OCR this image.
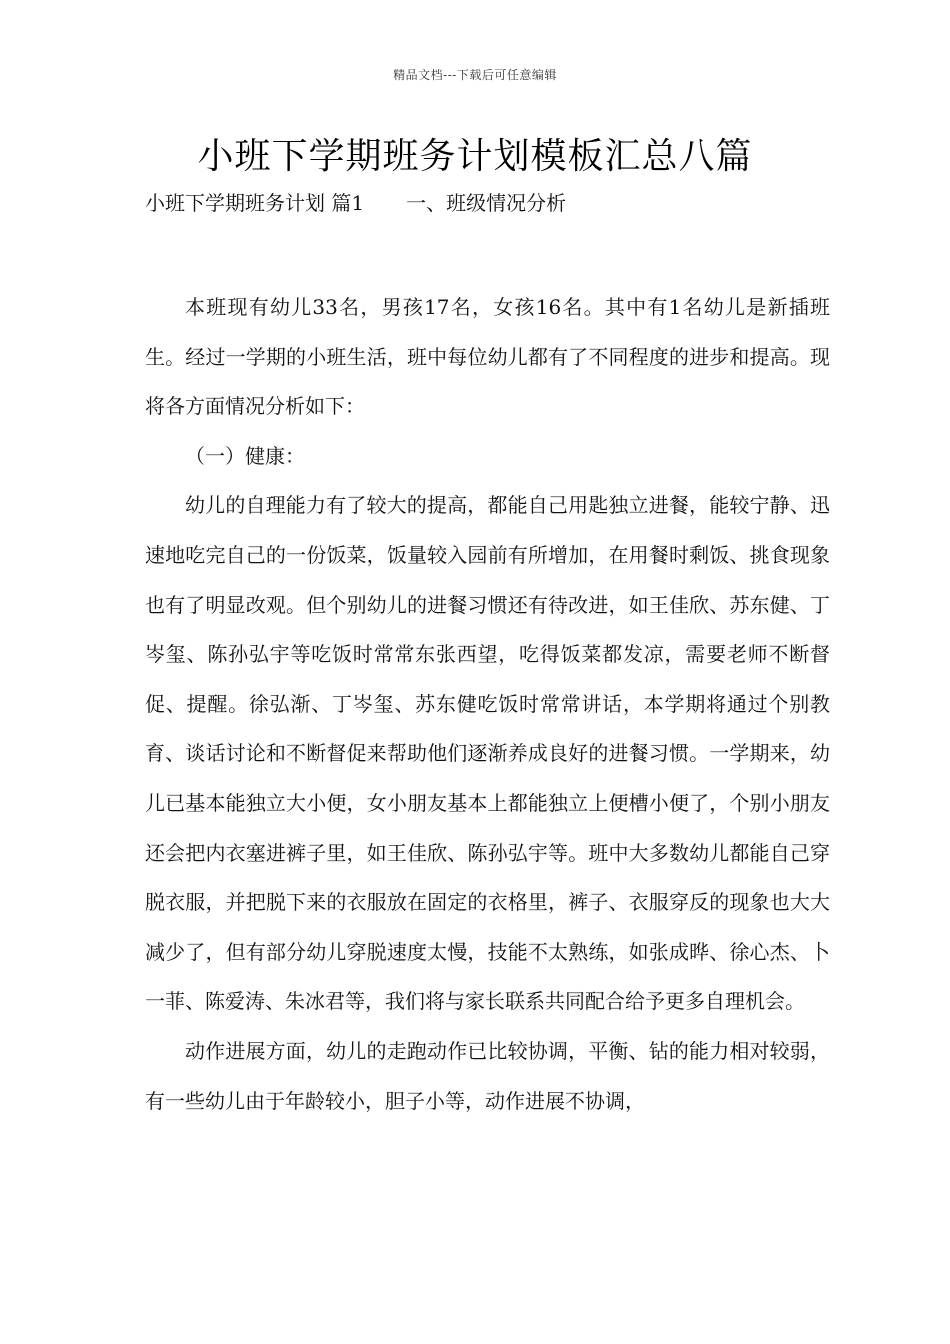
精品文档---下载后可任意编辑
小班下学期班务计划模板汇总八篇
小班下学期班务计划 篇1 一、班级情况分析

本班现有幼儿33名，男孩17名，女孩16名。其中有1名幼儿是新插班生。经过一学期的小班生活，班中每位幼儿都有了不同程度的进步和提高。现将各方面情况分析如下：

（一）健康：

幼儿的自理能力有了较大的提高，都能自己用匙独立进餐，能较宁静、迅速地吃完自己的一份饭菜，饭量较入园前有所增加，在用餐时剩饭、挑食现象也有了明显改观。但个别幼儿的进餐习惯还有待改进，如王佳欣、苏东健、丁岑玺、陈孙弘宇等吃饭时常常东张西望，吃得饭菜都发凉，需要老师不断督促、提醒。徐弘渐、丁岑玺、苏东健吃饭时常常讲话，本学期将通过个别教育、谈话讨论和不断督促来帮助他们逐渐养成良好的进餐习惯。一学期来，幼儿已基本能独立大小便，女小朋友基本上都能独立上便槽小便了，个别小朋友还会把内衣塞进裤子里，如王佳欣、陈孙弘宇等。班中大多数幼儿都能自己穿脱衣服，并把脱下来的衣服放在固定的衣格里，裤子、衣服穿反的现象也大大减少了，但有部分幼儿穿脱速度太慢，技能不太熟练，如张成晔、徐心杰、卜一菲、陈爱涛、朱冰君等，我们将与家长联系共同配合给予更多自理机会。

动作进展方面，幼儿的走跑动作已比较协调，平衡、钻的能力相对较弱，有一些幼儿由于年龄较小，胆子小等，动作进展不协调，
